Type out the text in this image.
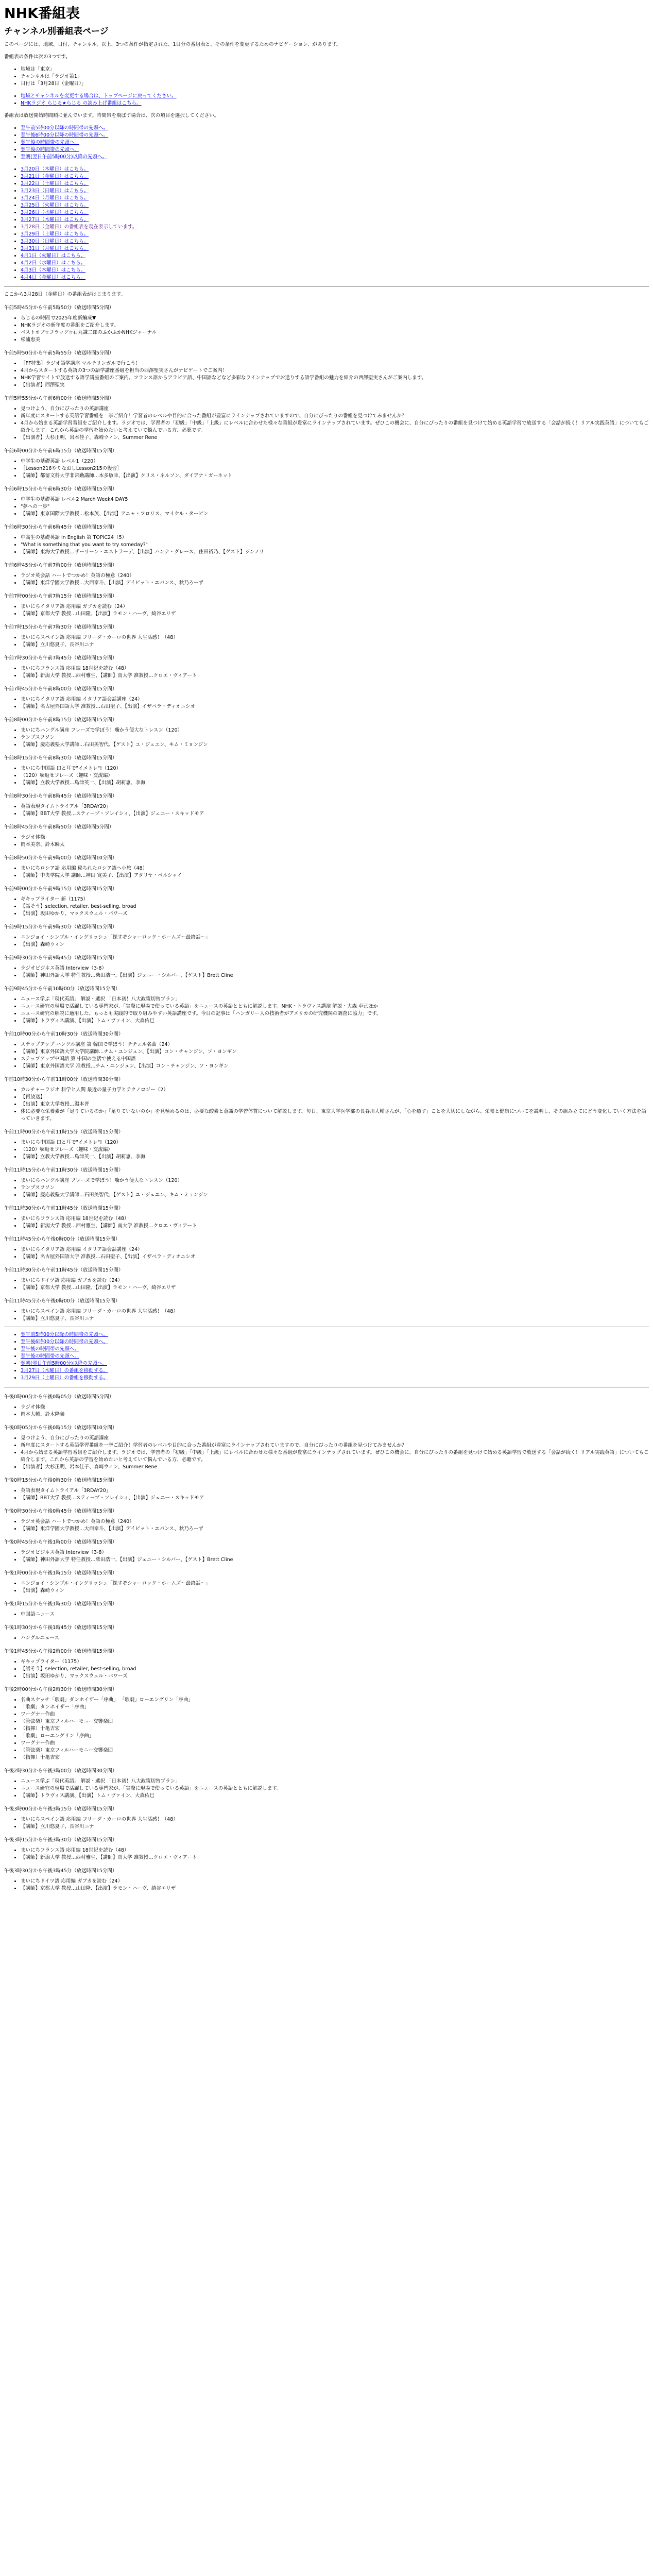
NHK番組表
チャンネル別番組表ページ

このページには、地域、日付、チャンネル、以上、3つの条件が指定された、1日分の番組表と、その条件を変更するためのナビゲーション、があります。

番組表の条件は次の3つです。

• 地域は「東京」
• チャンネルは「ラジオ第1」
• 日付は「3月28日（金曜日）」
• 地域とチャンネルを変更する場合は、トップページに戻ってください。
• NHKラジオ らじる★らじる の読み上げ番組はこちら。

番組表は放送開始時間順に並んでいます。時間帯を飛ばす場合は、次の項目を選択してください。

• 翌午前5時00分以降の時間帯の先頭へ。
• 翌午後6時00分以降の時間帯の先頭へ。
• 翌午後の時間帯の先頭へ。
• 翌午後の時間帯の先頭へ。
• 翌朝(翌日午前5時00分)以降の先頭へ。
• 3月20日（木曜日）はこちら。
• 3月21日（金曜日）はこちら。
• 3月22日（土曜日）はこちら。
• 3月23日（日曜日）はこちら。
• 3月24日（月曜日）はこちら。
• 3月25日（火曜日）はこちら。
• 3月26日（水曜日）はこちら。
• 3月27日（木曜日）はこちら。
• 3月28日（金曜日）の番組表を現在表示しています。
• 3月29日（土曜日）はこちら。
• 3月30日（日曜日）はこちら。
• 3月31日（月曜日）はこちら。
• 4月1日（火曜日）はこちら。
• 4月2日（水曜日）はこちら。
• 4月3日（木曜日）はこちら。
• 4月4日（金曜日）はこちら。

ここから3月28日（金曜日）の番組表がはじまります。

午前5時45分から午前5時50分（放送時間5分間）

• らじるの時間 ▽2025年度新編成▼
• NHKラジオの新年度の番組をご紹介します。
• ベストオブ☆フラッグ☆石丸謙二郎のふかふかNHKジャーナル
• 松浦恵美

午前5時50分から午前5時55分（放送時間5分間）

• ［FF特集］ラジオ語学講座 マルチリンガルで行こう！
• 4月からスタートする英語の3つの語学講座番組を担当の西澤聖実さんがナビゲートでご案内！
• NHK学習サイトで放送する語学講座番組のご案内。フランス語からアラビア語、中国語などなど多彩なラインナップでお送りする語学番組の魅力を紹介の西澤聖実さんがご案内します。
• 【出演者】西澤聖実

午前5時55分から午前6時00分（放送時間5分間）

• 見つけよう、自分にぴったりの英語講座
• 新年度にスタートする英語学習番組を一挙ご紹介！学習者のレベルや目的に合った番組が豊富にラインナップされていますので、自分にぴったりの番組を見つけてみませんか？
• 4月から始まる英語学習番組をご紹介します。ラジオでは、学習者の「初級」「中級」「上級」にレベルに合わせた様々な番組が豊富にラインナップされています。ぜひこの機会に、自分にぴったりの番組を見つけて始める英語学習で放送する「会話が続く！リアル実践英語」についてもご紹介します。これから英語の学習を始めたいと考えていて悩んでいる方、必聴です。
• 【出演者】大杉正明、岩本佳子、森崎ウィン、Summer Rene

午前6時00分から午前6時15分（放送時間15分間）

• 中学生の基礎英語 レベル1（220）
• ［Lesson216やりなおしLesson215の復習］
• 【講師】都留文科大学非常勤講師…本多敏幸、【出演】クリス・ネルソン、ダイアナ・ガーネット

午前6時15分から午前6時30分（放送時間15分間）

• 中学生の基礎英語 レベル2 March Week4 DAY5
• "夢への一歩"
• 【講師】東京国際大学教授…松本茂、【出演】アニャ・フロリス、マイケル・ターピン

午前6時30分から午前6時45分（放送時間15分間）

• 中高生の基礎英語 in English 第 TOPIC24（5）
• "What is something that you want to try someday?"
• 【講師】東海大学教授…ザーリーン・エストラーデ、【出演】ハンナ・グレース、住田裕乃、【ゲスト】ジンノリ

午前6時45分から午前7時00分（放送時間15分間）

• ラジオ英会話 ハートでつかめ！英語の極意（240）
• 【講師】東洋学園大学教授…大西泰斗、【出演】デイビット・エバンス、秋乃ろーず

午前7時00分から午前7時15分（放送時間15分間）

• まいにちイタリア語 応用編 ガブカを読む（24）
• 【講師】京都大学 教授…山田隆、【出演】ラモン・ハーヴ、綺谷エリザ

午前7時15分から午前7時30分（放送時間15分間）

• まいにちスペイン語 応用編 フリーダ・カーロの世界 大生活感！（48）
• 【講師】立川悠夏子、長谷川ニナ

午前7時30分から午前7時45分（放送時間15分間）

• まいにちフランス語 応用編 18世紀を読む（48）
• 【講師】新潟大学 教授…西村雅生、【講師】南大学 准教授…クロエ・ヴィアート

午前7時45分から午前8時00分（放送時間15分間）

• まいにちイタリア語 応用編 イタリア語会話講座（24）
• 【講師】名古屋外国語大学 准教授…石田聖子、【出演】イザベラ・ディオニシオ

午前8時00分から午前8時15分（放送時間15分間）

• まいにちハングル講座 フレーズで学ぼう！噛かう便大なトレスン（120）
• ランプスフソン
• 【講師】慶応義塾大学講師…石田美智代、【ゲスト】ユ・ジェユン、キム・ミョンジン

午前8時15分から午前8時30分（放送時間15分間）

• まいにち中国語 口と耳で"イメトレ"!（120）
• （120）噛返せフレーズ（趣味・交流編）
• 【講師】立教大学教授…島津英一、【出演】胡莉恵、李海

午前8時30分から午前8時45分（放送時間15分間）

• 英語表現タイムトライアル「3RDAY20」
• 【講師】BBT大学 教授…スティーブ・ソレイシィ、【出演】ジェニー・スキッドモア

午前8時45分から午前8時50分（放送時間5分間）

• ラジオ体操
• 岡本美奈、鈴木瞬太

午前8時50分から午前9時00分（放送時間10分間）

• まいにちロシア語 応用編 秘ちれたロシア語へ小旅（48）
• 【講師】中央学院大学 講師…神田 寛美子、【出演】アタリヤ・ベルシャイ

午前9時00分から午前9時15分（放送時間15分間）

• ギキップライター 新（1175）
• 【話そう】selection, retailer, best-selling, broad
• 【出演】坂田ゆかり、マックスウェル・パワーズ

午前9時15分から午前9時30分（放送時間15分間）

• エンジョイ・シンプル・イングリッシュ「探すぞシャーロック・ホームズ～最終話～」
• 【出演】森崎ウィン

午前9時30分から午前9時45分（放送時間15分間）

• ラジオビジネス英語 Interview（3-8）
• 【講師】神田外語大学 特任教授…柴田浩一、【出演】ジェニー・シルバー、【ゲスト】Brett Cline

午前9時45分から午前10時00分（放送時間15分間）

• ニュース学ぶ「現代英語」 解説・選択 「日本初！八大政策切替プラン」
• ニュース研究の現場で活躍している専門家が、「実際に現場で使っている英語」をニュースの英語とともに解説します。NHK・トラヴィス講演 解説・大森 卓己ほか
• ニュース研究の解説に適用した、もっとも実践的で取り組みやすい英語講座です。今日の記事は「ハンガリー人の技術者がアメリカの研究機関の調査に協力」です。
• 【講師】トラヴィス講演、【出演】トム・ヴァイン、大森佑巳

午前10時00分から午前10時30分（放送時間30分間）

• ステップアップ ハングル講座 第 韓国で学ぼう！チチュル名曲（24）
• 【講師】東京外国語大学大学院講師…チム・ユンジュン、【出演】コン・チャンジン、ソ・ヨンギン
• ステップアップ中国語 第 中国の生活で使える中国語
• 【講師】東京外国語大学 准教授…チム・ユンジュン、【出演】コン・チャンジン、ソ・ヨンギン

午前10時30分から午前11時00分（放送時間30分間）

• カルチャーラジオ 科学と人間 最近の量子力学とテクノロジー（2）
• 【再放送】
• 【出演】東京大学教授…湯本晋
• 体に必要な栄養素が「足りているのか」「足りていないのか」を見極めるのは、必要な酸素と意識の学習体質について解説します。毎日、東京大学医学部の長谷川大輔さんが、「心を癒す」ことを大切にしながら、栄養と健康についてを説明し、その組み立てにどう変化していく方法を語っていきます。

午前11時00分から午前11時15分（放送時間15分間）

• まいにち中国語 口と耳で"イメトレ"!（120）
• （120）噛返せフレーズ（趣味・交流編）
• 【講師】立教大学教授…島津英一、【出演】胡莉恵、李海

午前11時15分から午前11時30分（放送時間15分間）

• まいにちハングル講座 フレーズで学ぼう！噛かう便大なトレスン（120）
• ランプスフソン
• 【講師】慶応義塾大学講師…石田美智代、【ゲスト】ユ・ジェユン、キム・ミョンジン

午前11時30分から午前11時45分（放送時間15分間）

• まいにちフランス語 応用編 18世紀を読む（48）
• 【講師】新潟大学 教授…西村雅生、【講師】南大学 准教授…クロエ・ヴィアート

午前11時45分から午後0時00分（放送時間15分間）

• まいにちイタリア語 応用編 イタリア語会話講座（24）
• 【講師】名古屋外国語大学 准教授…石田聖子、【出演】イザベラ・ディオニシオ

午前11時30分から午前11時45分（放送時間15分間）

• まいにちドイツ語 応用編 ガブカを読む（24）
• 【講師】京都大学 教授…山田隆、【出演】ラモン・ハーヴ、綺谷エリザ

午前11時45分から午後0時00分（放送時間15分間）

• まいにちスペイン語 応用編 フリーダ・カーロの世界 大生活感！（48）
• 【講師】立川悠夏子、長谷川ニナ
• 翌午前5時00分以降の時間帯の先頭へ。
• 翌午後6時00分以降の時間帯の先頭へ。
• 翌午後の時間帯の先頭へ。
• 翌午後の時間帯の先頭へ。
• 翌朝(翌日午前5時00分)以降の先頭へ。
• 3月27日（木曜日）の番組を移動する。
• 3月29日（土曜日）の番組を移動する。

午後0時00分から午後0時05分（放送時間5分間）

• ラジオ体操
• 岡本大輔、鈴木隆義

午後0時05分から午後0時15分（放送時間10分間）

• 見つけよう、自分にぴったりの英語講座
• 新年度にスタートする英語学習番組を一挙ご紹介！学習者のレベルや目的に合った番組が豊富にラインナップされていますので、自分にぴったりの番組を見つけてみませんか？
• 4月から始まる英語学習番組をご紹介します。ラジオでは、学習者の「初級」「中級」「上級」にレベルに合わせた様々な番組が豊富にラインナップされています。ぜひこの機会に、自分にぴったりの番組を見つけて始める英語学習で放送する「会話が続く！リアル実践英語」についてもご紹介します。これから英語の学習を始めたいと考えていて悩んでいる方、必聴です。
• 【出演者】大杉正明、岩本佳子、森崎ウィン、Summer Rene

午後0時15分から午後0時30分（放送時間15分間）

• 英語表現タイムトライアル「3RDAY20」
• 【講師】BBT大学 教授…スティーブ・ソレイシィ、【出演】ジェニー・スキッドモア

午後0時30分から午後0時45分（放送時間15分間）

• ラジオ英会話 ハートでつかめ！英語の極意（240）
• 【講師】東洋学園大学教授…大西泰斗、【出演】デイビット・エバンス、秋乃ろーず

午後0時45分から午後1時00分（放送時間15分間）

• ラジオビジネス英語 Interview（3-8）
• 【講師】神田外語大学 特任教授…柴田浩一、【出演】ジェニー・シルバー、【ゲスト】Brett Cline

午後1時00分から午後1時15分（放送時間15分間）

• エンジョイ・シンプル・イングリッシュ「探すぞシャーロック・ホームズ～最終話～」
• 【出演】森崎ウィン

午後1時15分から午後1時30分（放送時間15分間）

• 中国語ニュース

午後1時30分から午後1時45分（放送時間15分間）

• ハングルニュース

午後1時45分から午後2時00分（放送時間15分間）

• ギキップライター（1175）
• 【話そう】selection, retailer, best-selling, broad
• 【出演】坂田ゆかり、マックスウェル・パワーズ

午後2時00分から午後2時30分（放送時間30分間）

• 名曲スケッチ「歌劇」ダンホイザー「序曲」 「歌劇」ローエングリン「序曲」
• 「歌劇」タンホイザー「序曲」
• ワーグナー作曲
• （管弦楽）東京フィルハーモニー交響楽団
• （指揮）十亀吉宏
• 「歌劇」ローエングリン「序曲」
• ワーグナー作曲
• （管弦楽）東京フィルハーモニー交響楽団
• （指揮）十亀吉宏

午後2時30分から午後3時00分（放送時間30分間）

• ニュース学ぶ「現代英語」 解説・選択 「日本初！八大政策切替プラン」
• ニュース研究の現場で活躍している専門家が、「実際に現場で使っている英語」をニュースの英語とともに解説します。
• 【講師】トラヴィス講演、【出演】トム・ヴァイン、大森佑巳

午後3時00分から午後3時15分（放送時間15分間）

• まいにちスペイン語 応用編 フリーダ・カーロの世界 大生活感！（48）
• 【講師】立川悠夏子、長谷川ニナ

午後3時15分から午後3時30分（放送時間15分間）

• まいにちフランス語 応用編 18世紀を読む（48）
• 【講師】新潟大学 教授…西村雅生、【講師】南大学 准教授…クロエ・ヴィアート

午後3時30分から午後3時45分（放送時間15分間）

• まいにちドイツ語 応用編 ガブカを読む（24）
• 【講師】京都大学 教授…山田隆、【出演】ラモン・ハーヴ、綺谷エリザ
